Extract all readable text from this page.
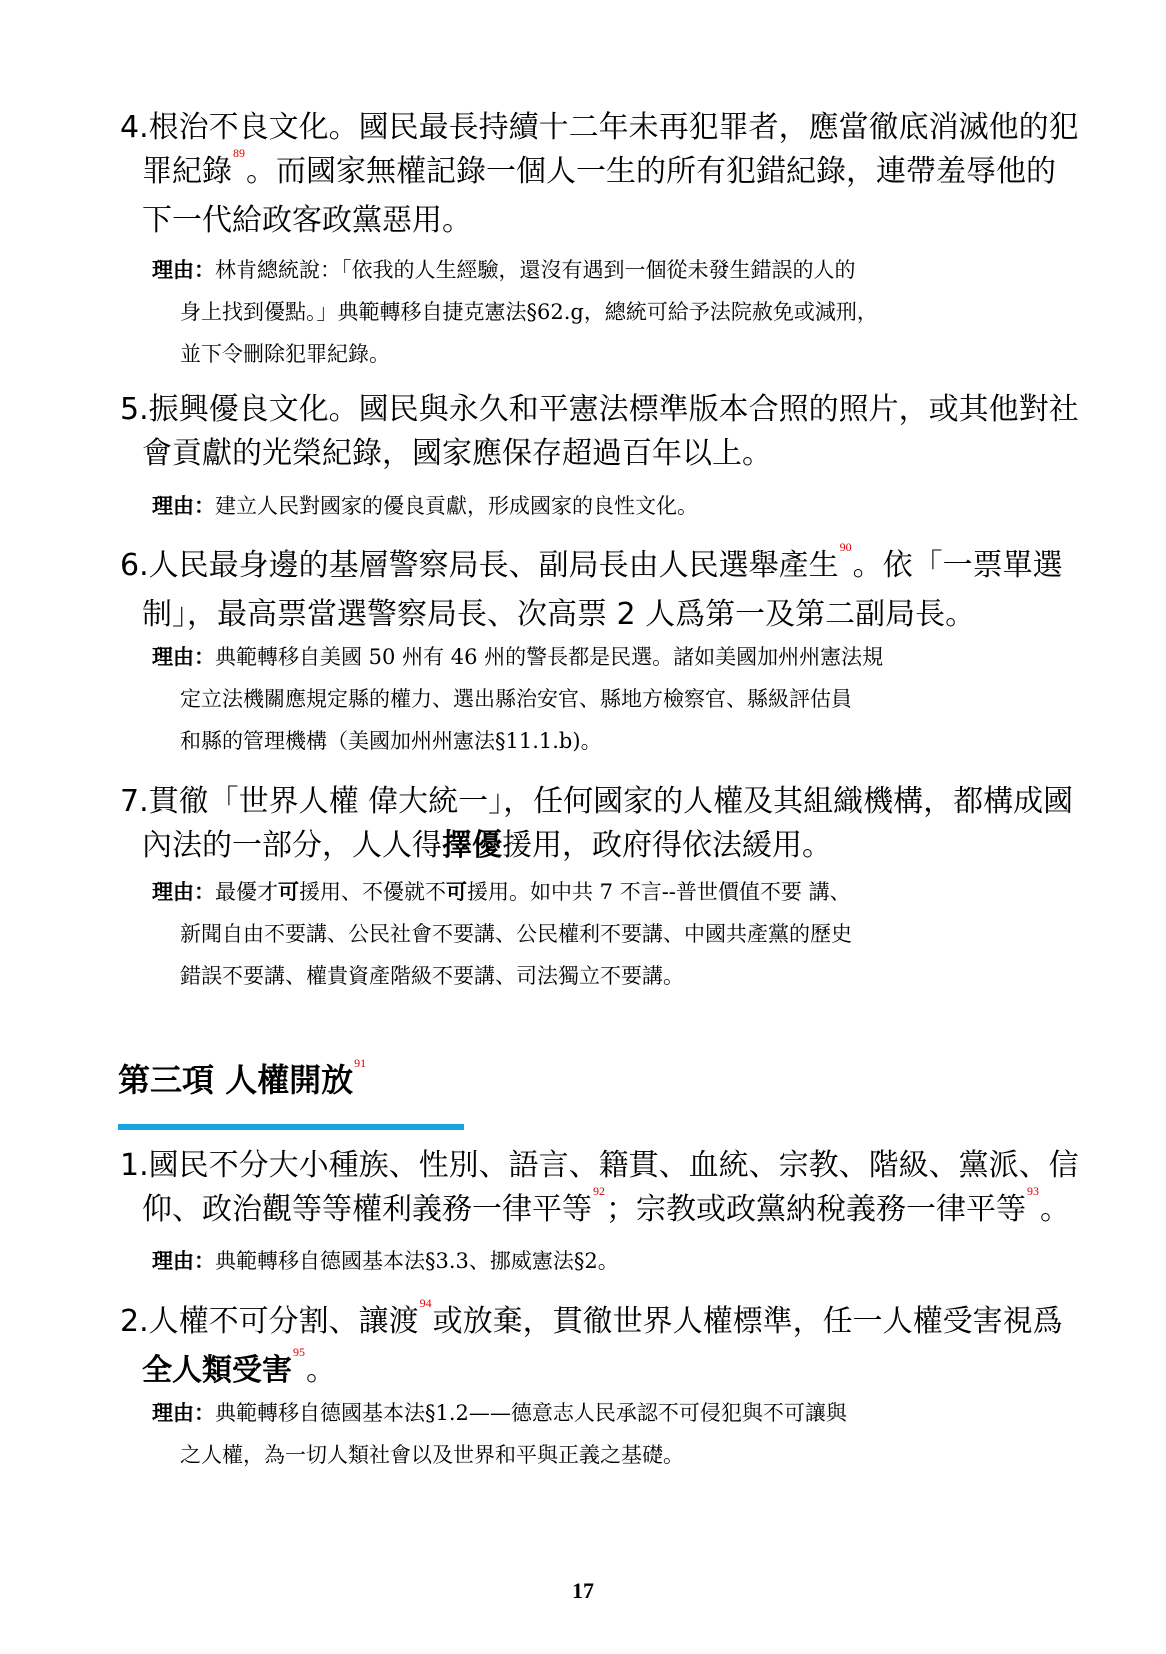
4.根治不良文化。國民最長持續十二年未再犯罪者，應當徹底消滅他的犯
罪紀錄$^{89}$。而國家無權記錄一個人一生的所有犯錯紀錄，連帶羞辱他的
下一代給政客政黨惡用。
理由：林肯總統說：「依我的人生經驗，還沒有遇到一個從未發生錯誤的人的
身上找到優點。」典範轉移自捷克憲法§62.g，總統可給予法院赦免或減刑，
並下令刪除犯罪紀錄。
5.振興優良文化。國民與永久和平憲法標準版本合照的照片，或其他對社
會貢獻的光榮紀錄，國家應保存超過百年以上。
理由：建立人民對國家的優良貢獻，形成國家的良性文化。
6.人民最身邊的基層警察局長、副局長由人民選舉產生$^{90}$。依「一票單選
制」，最高票當選警察局長、次高票 2 人爲第一及第二副局長。
理由：典範轉移自美國 50 州有 46 州的警長都是民選。諸如美國加州州憲法規
定立法機關應規定縣的權力、選出縣治安官、縣地方檢察官、縣級評估員
和縣的管理機構（美國加州州憲法§11.1.b)。
7.貫徹「世界人權 偉大統一」，任何國家的人權及其組織機構，都構成國
內法的一部分，人人得擇優援用，政府得依法緩用。
理由：最優才可援用、不優就不可援用。如中共 7 不言--普世價值不要 講、
新聞自由不要講、公民社會不要講、公民權利不要講、中國共產黨的歷史
錯誤不要講、權貴資產階級不要講、司法獨立不要講。
第三項 人權開放$^{91}$
1.國民不分大小種族、性別、語言、籍貫、血統、宗教、階級、黨派、信
仰、政治觀等等權利義務一律平等$^{92}$；宗教或政黨納稅義務一律平等$^{93}$。
理由：典範轉移自德國基本法§3.3、挪威憲法§2。
2.人權不可分割、讓渡$^{94}$或放棄，貫徹世界人權標準，任一人權受害視爲
全人類受害$^{95}$。
理由：典範轉移自德國基本法§1.2——德意志人民承認不可侵犯與不可讓與
之人權，為一切人類社會以及世界和平與正義之基礎。
17
